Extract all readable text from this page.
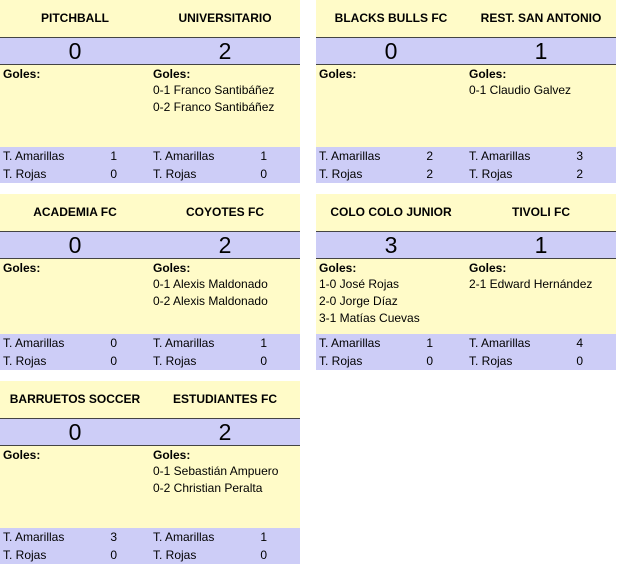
PITCHBALL	UNIVERSITARIO
0	2
Goles:	Goles:
0-1 Franco Santibáñez
0-2 Franco Santibáñez
T. Amarillas	1
T. Rojas	0
T. Amarillas	1
T. Rojas	0
BLACKS BULLS FC	REST. SAN ANTONIO
0	1
Goles:	Goles:
0-1 Claudio Galvez
T. Amarillas	2
T. Rojas	2
T. Amarillas	3
T. Rojas	2
ACADEMIA FC	COYOTES FC
0	2
Goles:	Goles:
0-1 Alexis Maldonado
0-2 Alexis Maldonado
T. Amarillas	0
T. Rojas	0
T. Amarillas	1
T. Rojas	0
COLO COLO JUNIOR	TIVOLI FC
3	1
Goles:
1-0 José Rojas
2-0 Jorge Díaz
3-1 Matías Cuevas
Goles:
2-1 Edward Hernández
T. Amarillas	1
T. Rojas	0
T. Amarillas	4
T. Rojas	0
BARRUETOS SOCCER	ESTUDIANTES FC
0	2
Goles:	Goles:
0-1 Sebastián Ampuero
0-2 Christian Peralta
T. Amarillas	3
T. Rojas	0
T. Amarillas	1
T. Rojas	0
